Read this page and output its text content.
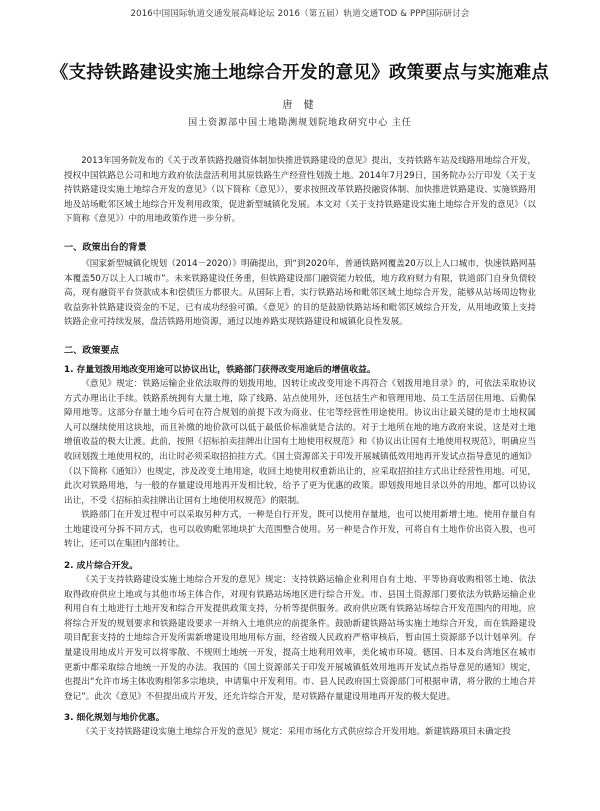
2016中国国际轨道交通发展高峰论坛 2016（第五届）轨道交通TOD & PPP国际研讨会
《支持铁路建设实施土地综合开发的意见》政策要点与实施难点
唐 健
国土资源部中国土地勘测规划院地政研究中心 主任

2013年国务院发布的《关于改革铁路投融资体制加快推进铁路建设的意见》提出，支持铁路车站及线路用地综合开发，授权中国铁路总公司和地方政府依法盘活利用其原铁路生产经营性划拨土地。2014年7月29日，国务院办公厅印发《关于支持铁路建设实施土地综合开发的意见》（以下简称《意见》），要求按照改革铁路投融资体制、加快推进铁路建设、实施铁路用地及站场毗邻区域土地综合开发利用政策，促进新型城镇化发展。本文对《关于支持铁路建设实施土地综合开发的意见》（以下简称《意见》）中的用地政策作进一步分析。

一、政策出台的背景

《国家新型城镇化规划（2014－2020）》明确提出，到“到2020年，普通铁路网覆盖20万以上人口城市，快速铁路网基本覆盖50万以上人口城市”。未来铁路建设任务重，但铁路建设部门融资能力较低，地方政府财力有限，铁道部门自身负债较高，现有融资平台贷款成本和偿债压力都很大。从国际上看，实行铁路站场和毗邻区域土地综合开发，能够从站场周边物业收益弥补铁路建设资金的不足，已有成功经验可循。《意见》的目的是鼓励铁路站场和毗邻区域综合开发，从用地政策上支持铁路企业可持续发展，盘活铁路用地资源，通过以地养路实现铁路建设和城镇化良性发展。

二、政策要点
1. 存量划拨用地改变用途可以协议出让，铁路部门获得改变用途后的增值收益。

《意见》规定：铁路运输企业依法取得的划拨用地，因转让或改变用途不再符合《划拨用地目录》的，可依法采取协议方式办理出让手续。铁路系统拥有大量土地，除了线路、站点使用外，还包括生产和管理用地、员工生活居住用地、后勤保障用地等。这部分存量土地今后可在符合规划的前提下改为商业、住宅等经营性用途使用。协议出让最关键的是市土地权属人可以继续使用这块地，而且补缴的地价款可以低于最低价标准就是合法的。对于土地所在地的地方政府来说，这是对土地增值收益的极大让渡。此前，按照《招标拍卖挂牌出让国有土地使用权规范》和《协议出让国有土地使用权规范》，明确应当收回划拨土地使用权的，出让时必须采取招拍挂方式。《国土资源部关于印发开展城镇低效用地再开发试点指导意见的通知》（以下简称《通知》）也规定，涉及改变土地用途，收回土地使用权重新出让的，应采取招拍挂方式出让经营性用地。可见，此次对铁路用地，与一般的存量建设用地再开发相比较，给予了更为优惠的政策。即划拨用地目录以外的用地，都可以协议出让，不受《招标拍卖挂牌出让国有土地使用权规范》的限制。

铁路部门在开发过程中可以采取另种方式，一种是自行开发，既可以使用存量地，也可以使用新增土地。使用存量自有土地建设可分拆不同方式，也可以收购毗邻地块扩大范围整合使用。另一种是合作开发，可将自有土地作价出资入股，也可转让，还可以在集团内部转让。

2. 成片综合开发。

《关于支持铁路建设实施土地综合开发的意见》规定：支持铁路运输企业利用自有土地、平等协商收购相邻土地、依法取得政府供应土地或与其他市场主体合作，对现有铁路站场地区进行综合开发。市、县国土资源部门要依法为铁路运输企业利用自有土地进行土地开发和综合开发提供政策支持，分析等提供服务。政府供应既有铁路站场综合开发范围内的用地，应将综合开发的规划要求和铁路建设要求一并纳入土地供应的前提条件。鼓励新建铁路站场实施土地综合开发，而在铁路建设项目配套支持的土地综合开发所需新增建设用地用标方面，经省级人民政府严格审核后，暂由国土资源部予以计划单列。存量建设用地成片开发可以将零散、不规则土地统一开发，提高土地利用效率，美化城市环境。德国、日本及台湾地区在城市更新中都采取综合地统一开发的办法。我国的《国土资源部关于印发开展城镇低效用地再开发试点指导意见的通知》规定，也提出“允许市场主体收购相邻多宗地块，申请集中开发利用。市、县人民政府国土资源部门可根据申请，将分散的土地合并登记”。此次《意见》不但提出成片开发，还允许综合开发，是对铁路存量建设用地再开发的极大促进。

3. 细化规划与地价优惠。

《关于支持铁路建设实施土地综合开发的意见》规定：采用市场化方式供应综合开发用地。新建铁路项目未确定投
